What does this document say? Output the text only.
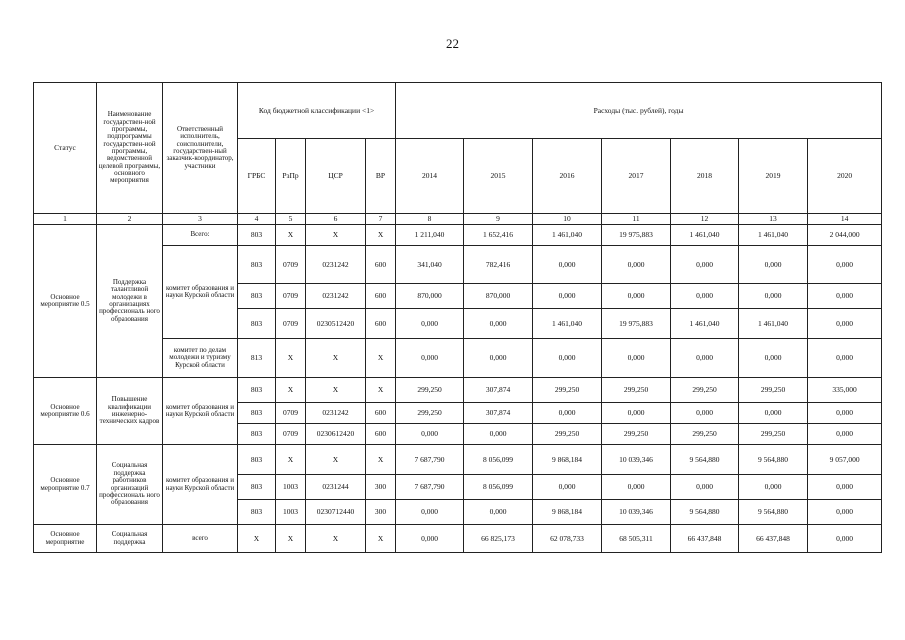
22
Статус	Наименование государствен-ной программы, подпрограммы государствен-ной программы, ведомственной целевой программы, основного мероприятия	Ответственный исполнитель, соисполнители, государствен-ный заказчик-координатор, участники	Код бюджетной классификации <1>				Расходы (тыс. рублей), годы						
			ГРБС	РзПр	ЦСР	ВР	2014	2015	2016	2017	2018	2019	2020
1	2	3	4	5	6	7	8	9	10	11	12	13	14
Основное мероприятие 0.5	Поддержка талантливой молодежи в организациях профессиональ ного образования	Всего:	803	X	X	X	1 211,040	1 652,416	1 461,040	19 975,883	1 461,040	1 461,040	2 044,000
		комитет образования и науки Курской области	803	0709	0231242	600	341,040	782,416	0,000	0,000	0,000	0,000	0,000
			803	0709	0231242	600	870,000	870,000	0,000	0,000	0,000	0,000	0,000
			803	0709	0230512420	600	0,000	0,000	1 461,040	19 975,883	1 461,040	1 461,040	0,000
		комитет по делам молодежи и туризму Курской области	813	X	X	X	0,000	0,000	0,000	0,000	0,000	0,000	0,000
Основное мероприятие 0.6	Повышение квалификации инженерно-технических кадров	комитет образования и науки Курской области	803	X	X	X	299,250	307,874	299,250	299,250	299,250	299,250	335,000
			803	0709	0231242	600	299,250	307,874	0,000	0,000	0,000	0,000	0,000
			803	0709	0230612420	600	0,000	0,000	299,250	299,250	299,250	299,250	0,000
Основное мероприятие 0.7	Социальная поддержка работников организаций профессиональ ного образования	комитет образования и науки Курской области	803	X	X	X	7 687,790	8 056,099	9 868,184	10 039,346	9 564,880	9 564,880	9 057,000
			803	1003	0231244	300	7 687,790	8 056,099	0,000	0,000	0,000	0,000	0,000
			803	1003	0230712440	300	0,000	0,000	9 868,184	10 039,346	9 564,880	9 564,880	0,000
Основное мероприятие	Социальная поддержка	всего	X	X	X	X	0,000	66 825,173	62 078,733	68 505,311	66 437,848	66 437,848	0,000
